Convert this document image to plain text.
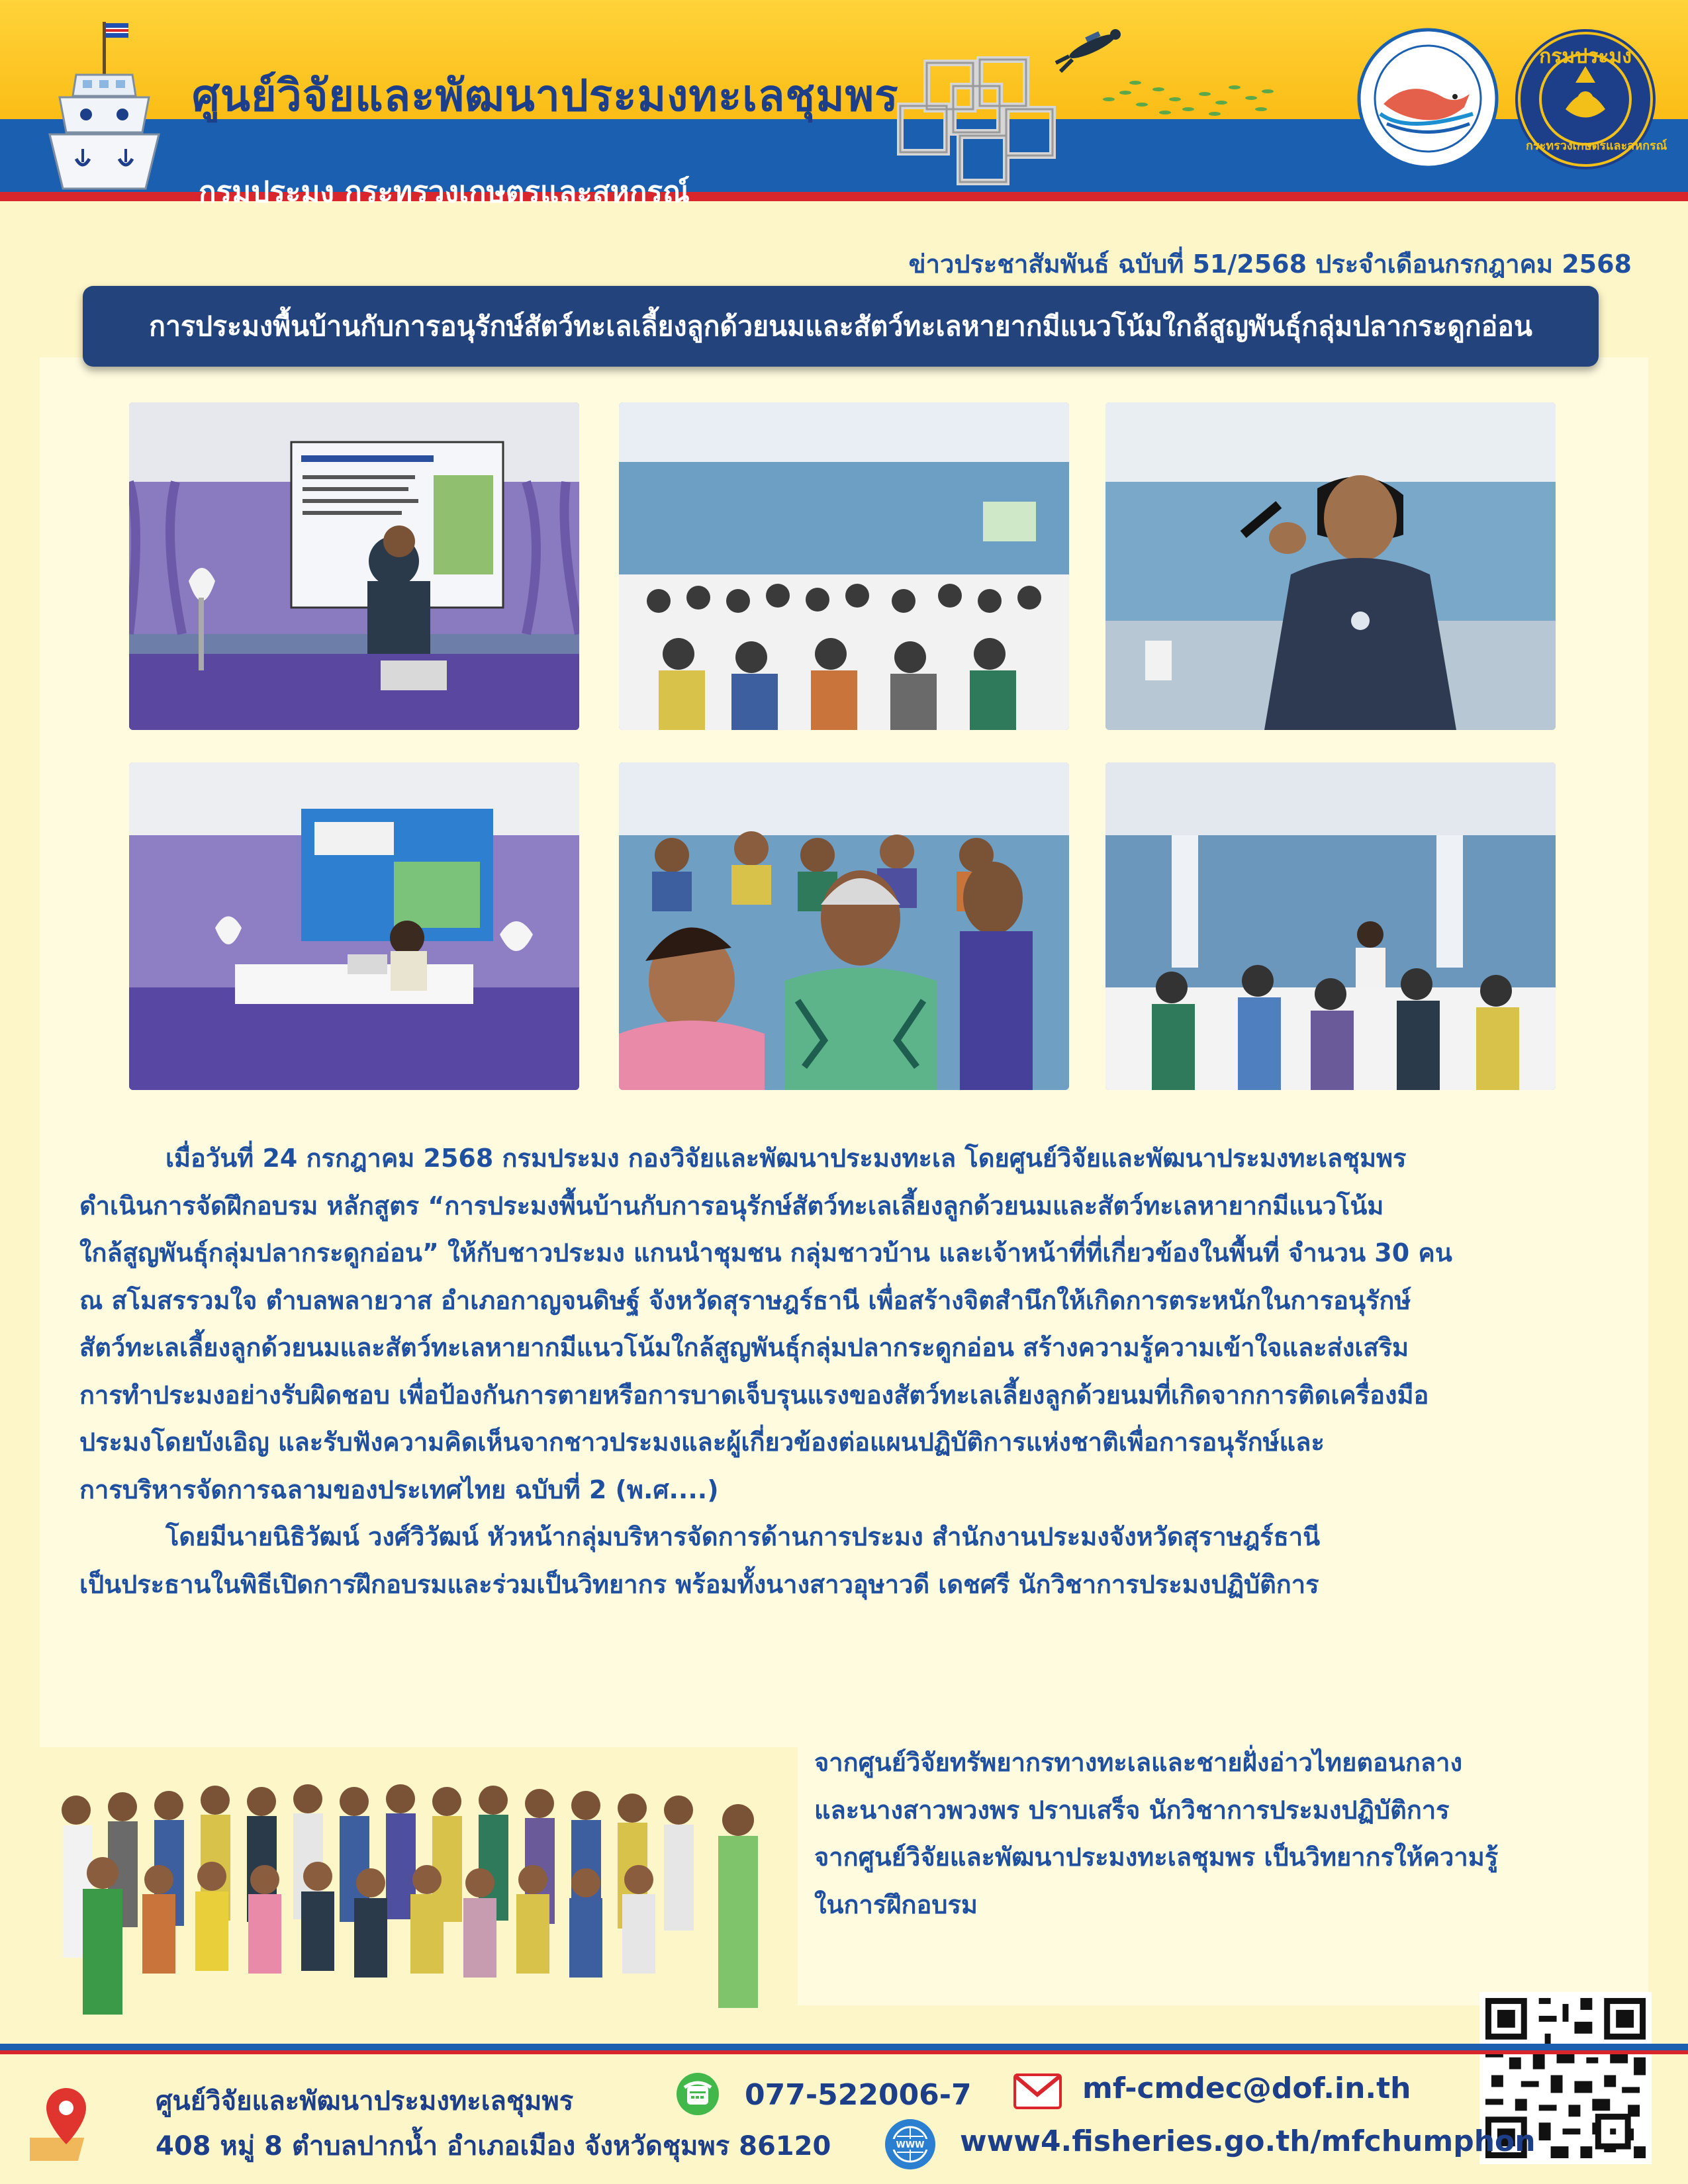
ศูนย์วิจัยและพัฒนาประมงทะเลชุมพร
กรมประมง กระทรวงเกษตรและสหกรณ์
กรมประมง
กระทรวงเกษตรและสหกรณ์
ข่าวประชาสัมพันธ์ ฉบับที่ 51/2568 ประจำเดือนกรกฎาคม 2568
การประมงพื้นบ้านกับการอนุรักษ์สัตว์ทะเลเลี้ยงลูกด้วยนมและสัตว์ทะเลหายากมีแนวโน้มใกล้สูญพันธุ์กลุ่มปลากระดูกอ่อน

เมื่อวันที่ 24 กรกฎาคม 2568 กรมประมง กองวิจัยและพัฒนาประมงทะเล โดยศูนย์วิจัยและพัฒนาประมงทะเลชุมพร

ดำเนินการจัดฝึกอบรม หลักสูตร “การประมงพื้นบ้านกับการอนุรักษ์สัตว์ทะเลเลี้ยงลูกด้วยนมและสัตว์ทะเลหายากมีแนวโน้ม

ใกล้สูญพันธุ์กลุ่มปลากระดูกอ่อน” ให้กับชาวประมง แกนนำชุมชน กลุ่มชาวบ้าน และเจ้าหน้าที่ที่เกี่ยวข้องในพื้นที่ จำนวน 30 คน

ณ สโมสรรวมใจ ตำบลพลายวาส อำเภอกาญจนดิษฐ์ จังหวัดสุราษฎร์ธานี เพื่อสร้างจิตสำนึกให้เกิดการตระหนักในการอนุรักษ์

สัตว์ทะเลเลี้ยงลูกด้วยนมและสัตว์ทะเลหายากมีแนวโน้มใกล้สูญพันธุ์กลุ่มปลากระดูกอ่อน สร้างความรู้ความเข้าใจและส่งเสริม

การทำประมงอย่างรับผิดชอบ เพื่อป้องกันการตายหรือการบาดเจ็บรุนแรงของสัตว์ทะเลเลี้ยงลูกด้วยนมที่เกิดจากการติดเครื่องมือ

ประมงโดยบังเอิญ และรับฟังความคิดเห็นจากชาวประมงและผู้เกี่ยวข้องต่อแผนปฏิบัติการแห่งชาติเพื่อการอนุรักษ์และ

การบริหารจัดการฉลามของประเทศไทย ฉบับที่ 2 (พ.ศ....)

โดยมีนายนิธิวัฒน์ วงศ์วิวัฒน์ หัวหน้ากลุ่มบริหารจัดการด้านการประมง สำนักงานประมงจังหวัดสุราษฎร์ธานี

เป็นประธานในพิธีเปิดการฝึกอบรมและร่วมเป็นวิทยากร พร้อมทั้งนางสาวอุษาวดี เดชศรี นักวิชาการประมงปฏิบัติการ

จากศูนย์วิจัยทรัพยากรทางทะเลและชายฝั่งอ่าวไทยตอนกลาง

และนางสาวพวงพร ปราบเสร็จ นักวิชาการประมงปฏิบัติการ

จากศูนย์วิจัยและพัฒนาประมงทะเลชุมพร เป็นวิทยากรให้ความรู้

ในการฝึกอบรม

ศูนย์วิจัยและพัฒนาประมงทะเลชุมพร
408 หมู่ 8 ตำบลปากน้ำ อำเภอเมือง จังหวัดชุมพร 86120
077-522006-7	mf-cmdec@dof.in.th
WWW www4.fisheries.go.th/mfchumphon
